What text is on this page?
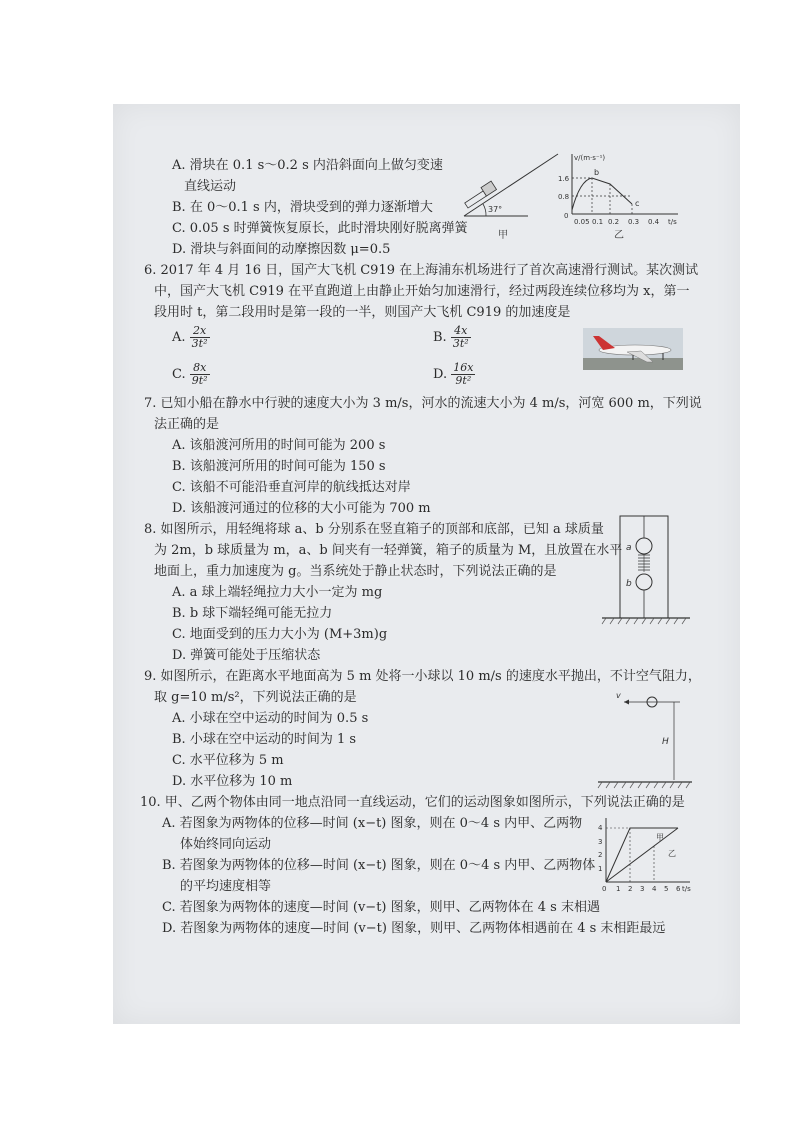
A. 滑块在 0.1 s～0.2 s 内沿斜面向上做匀变速
直线运动
B. 在 0～0.1 s 内，滑块受到的弹力逐渐增大
C. 0.05 s 时弹簧恢复原长，此时滑块刚好脱离弹簧
D. 滑块与斜面间的动摩擦因数 μ=0.5
37°
甲
v/(m·s⁻¹)
t/s
1.6
0.8
0
0.05 0.1 0.2 0.3 0.4
b
c
乙
6. 2017 年 4 月 16 日，国产大飞机 C919 在上海浦东机场进行了首次高速滑行测试。某次测试
中，国产大飞机 C919 在平直跑道上由静止开始匀加速滑行，经过两段连续位移均为 x，第一
段用时 t，第二段用时是第一段的一半，则国产大飞机 C919 的加速度是
A. $\frac{2x}{\text{3t²}}$	B. $\frac{4x}{\text{3t²}}$
C. $\frac{8x}{\text{9t²}}$	D. $\frac{16x}{\text{9t²}}$
7. 已知小船在静水中行驶的速度大小为 3 m/s，河水的流速大小为 4 m/s，河宽 600 m，下列说
法正确的是
A. 该船渡河所用的时间可能为 200 s
B. 该船渡河所用的时间可能为 150 s
C. 该船不可能沿垂直河岸的航线抵达对岸
D. 该船渡河通过的位移的大小可能为 700 m
8. 如图所示，用轻绳将球 a、b 分别系在竖直箱子的顶部和底部，已知 a 球质量
为 2m，b 球质量为 m，a、b 间夹有一轻弹簧，箱子的质量为 M，且放置在水平
地面上，重力加速度为 g。当系统处于静止状态时，下列说法正确的是
A. a 球上端轻绳拉力大小一定为 mg
B. b 球下端轻绳可能无拉力
C. 地面受到的压力大小为 (M+3m)g
D. 弹簧可能处于压缩状态
a
b
9. 如图所示，在距离水平地面高为 5 m 处将一小球以 10 m/s 的速度水平抛出，不计空气阻力，
取 g=10 m/s²，下列说法正确的是
A. 小球在空中运动的时间为 0.5 s
B. 小球在空中运动的时间为 1 s
C. 水平位移为 5 m
D. 水平位移为 10 m
v
H
10. 甲、乙两个物体由同一地点沿同一直线运动，它们的运动图象如图所示，下列说法正确的是
A. 若图象为两物体的位移—时间 (x−t) 图象，则在 0～4 s 内甲、乙两物
体始终同向运动
B. 若图象为两物体的位移—时间 (x−t) 图象，则在 0～4 s 内甲、乙两物体
的平均速度相等
C. 若图象为两物体的速度—时间 (v−t) 图象，则甲、乙两物体在 4 s 末相遇
D. 若图象为两物体的速度—时间 (v−t) 图象，则甲、乙两物体相遇前在 4 s 末相距最远
甲
乙
4
3
2
1
0 1 2 3 4 5 6 t/s
